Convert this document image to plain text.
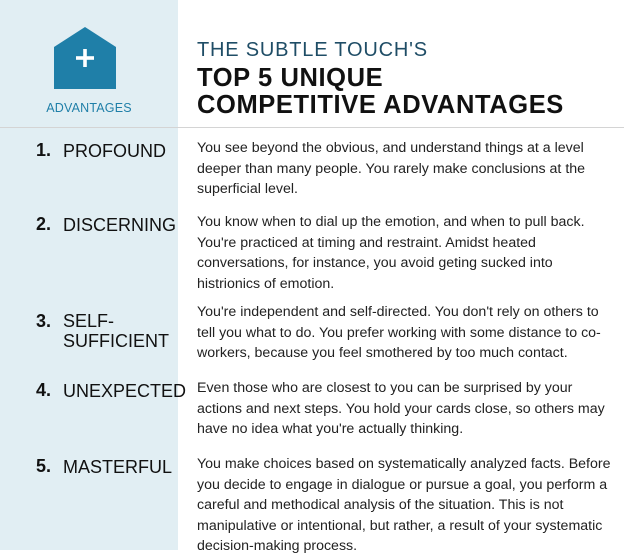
ADVANTAGES
THE SUBTLE TOUCH'S
TOP 5 UNIQUE
COMPETITIVE ADVANTAGES
1. PROFOUND	You see beyond the obvious, and understand things at a level deeper than many people. You rarely make conclusions at the superficial level.
2. DISCERNING You know when to dial up the emotion, and when to pull back. You're practiced at timing and restraint. Amidst heated conversations, for instance, you avoid geting sucked into histrionics of emotion.
3. SELF-SUFFICIENT
You're independent and self-directed. You don't rely on others to tell you what to do. You prefer working with some distance to co-workers, because you feel smothered by too much contact.
4. UNEXPECTED Even those who are closest to you can be surprised by your actions and next steps. You hold your cards close, so others may have no idea what you're actually thinking.
5. MASTERFUL You make choices based on systematically analyzed facts. Before you decide to engage in dialogue or pursue a goal, you perform a careful and methodical analysis of the situation. This is not manipulative or intentional, but rather, a result of your systematic decision-making process.
